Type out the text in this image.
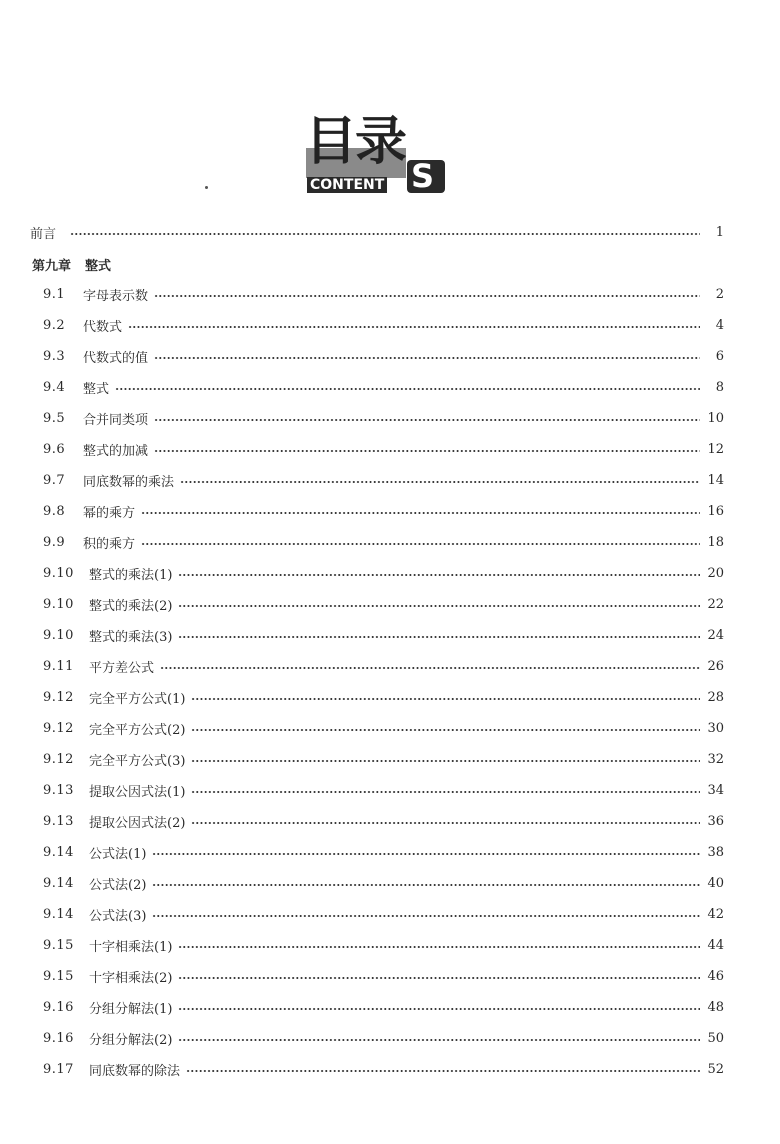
目录
CONTENT S
前言	1
第九章 整式
9.1	字母表示数	2
9.2	代数式	4
9.3	代数式的值	6
9.4	整式	8
9.5	合并同类项	10
9.6	整式的加减	12
9.7	同底数幂的乘法	14
9.8	幂的乘方	16
9.9	积的乘方	18
9.10	整式的乘法(1)	20
9.10	整式的乘法(2)	22
9.10	整式的乘法(3)	24
9.11	平方差公式	26
9.12	完全平方公式(1)	28
9.12	完全平方公式(2)	30
9.12	完全平方公式(3)	32
9.13	提取公因式法(1)	34
9.13	提取公因式法(2)	36
9.14	公式法(1)	38
9.14	公式法(2)	40
9.14	公式法(3)	42
9.15	十字相乘法(1)	44
9.15	十字相乘法(2)	46
9.16	分组分解法(1)	48
9.16	分组分解法(2)	50
9.17	同底数幂的除法	52
